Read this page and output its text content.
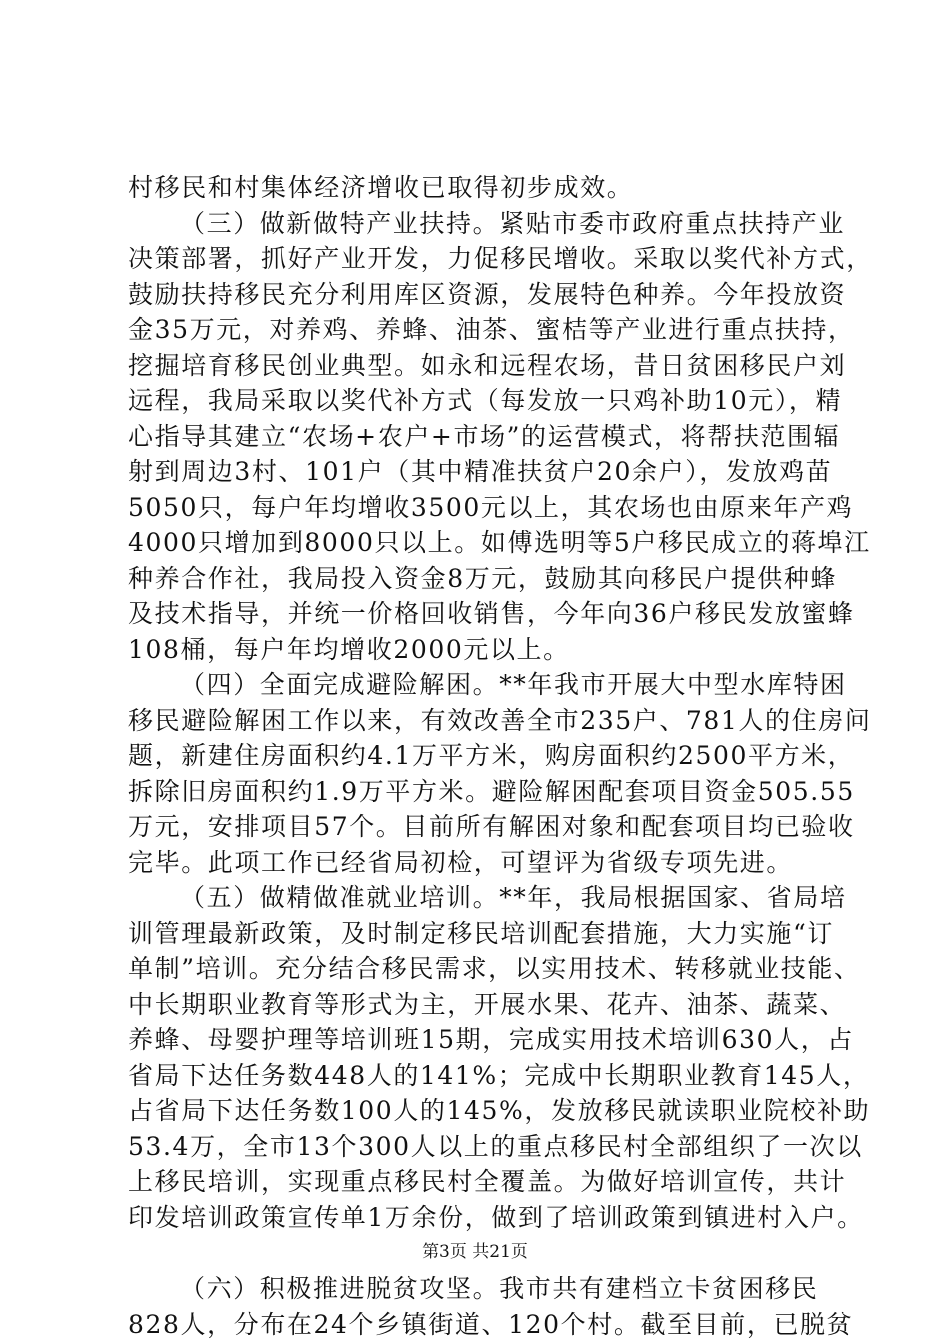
村移民和村集体经济增收已取得初步成效。
（三）做新做特产业扶持。紧贴市委市政府重点扶持产业
决策部署，抓好产业开发，力促移民增收。采取以奖代补方式，
鼓励扶持移民充分利用库区资源，发展特色种养。今年投放资
金35万元，对养鸡、养蜂、油茶、蜜桔等产业进行重点扶持，
挖掘培育移民创业典型。如永和远程农场，昔日贫困移民户刘
远程，我局采取以奖代补方式（每发放一只鸡补助10元），精
心指导其建立“农场+农户+市场”的运营模式，将帮扶范围辐
射到周边3村、101户（其中精准扶贫户20余户），发放鸡苗
5050只，每户年均增收3500元以上，其农场也由原来年产鸡
4000只增加到8000只以上。如傅选明等5户移民成立的蒋埠江
种养合作社，我局投入资金8万元，鼓励其向移民户提供种蜂
及技术指导，并统一价格回收销售，今年向36户移民发放蜜蜂
108桶，每户年均增收2000元以上。
（四）全面完成避险解困。**年我市开展大中型水库特困
移民避险解困工作以来，有效改善全市235户、781人的住房问
题，新建住房面积约4.1万平方米，购房面积约2500平方米，
拆除旧房面积约1.9万平方米。避险解困配套项目资金505.55
万元，安排项目57个。目前所有解困对象和配套项目均已验收
完毕。此项工作已经省局初检，可望评为省级专项先进。
（五）做精做准就业培训。**年，我局根据国家、省局培
训管理最新政策，及时制定移民培训配套措施，大力实施“订
单制”培训。充分结合移民需求，以实用技术、转移就业技能、
中长期职业教育等形式为主，开展水果、花卉、油茶、蔬菜、
养蜂、母婴护理等培训班15期，完成实用技术培训630人，占
省局下达任务数448人的141%；完成中长期职业教育145人，
占省局下达任务数100人的145%，发放移民就读职业院校补助
53.4万，全市13个300人以上的重点移民村全部组织了一次以
上移民培训，实现重点移民村全覆盖。为做好培训宣传，共计
印发培训政策宣传单1万余份，做到了培训政策到镇进村入户。
（六）积极推进脱贫攻坚。我市共有建档立卡贫困移民
828人，分布在24个乡镇街道、120个村。截至目前，已脱贫
第3页 共21页
